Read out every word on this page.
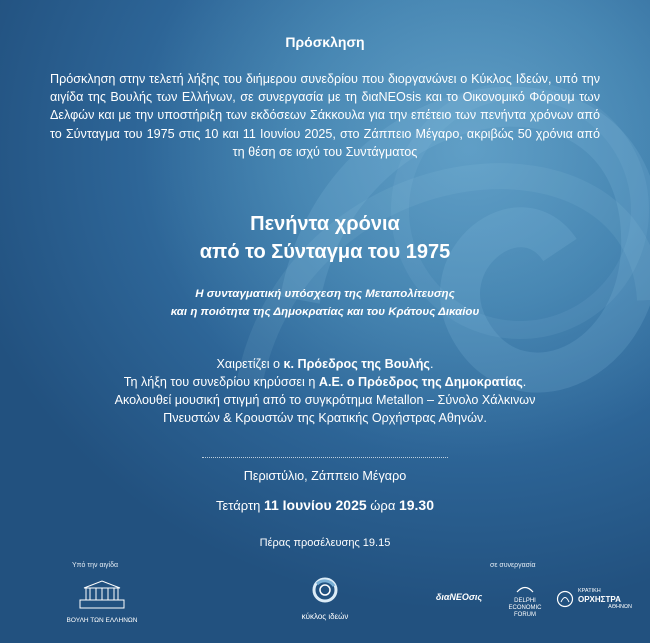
Πρόσκληση
Πρόσκληση στην τελετή λήξης του διήμερου συνεδρίου που διοργανώνει ο Κύκλος Ιδεών, υπό την αιγίδα της Βουλής των Ελλήνων, σε συνεργασία με τη διαNEOsis και το Οικονομικό Φόρουμ των Δελφών και με την υποστήριξη των εκδόσεων Σάκκουλα για την επέτειο των πενήντα χρόνων από το Σύνταγμα του 1975 στις 10 και 11 Ιουνίου 2025, στο Ζάππειο Μέγαρο, ακριβώς 50 χρόνια από τη θέση σε ισχύ του Συντάγματος
Πενήντα χρόνια
από το Σύνταγμα του 1975
Η συνταγματική υπόσχεση της Μεταπολίτευσης
και η ποιότητα της Δημοκρατίας και του Κράτους Δικαίου
Χαιρετίζει ο κ. Πρόεδρος της Βουλής.
Τη λήξη του συνεδρίου κηρύσσει η Α.Ε. ο Πρόεδρος της Δημοκρατίας.
Ακολουθεί μουσική στιγμή από το συγκρότημα Metallon – Σύνολο Χάλκινων
Πνευστών & Κρουστών της Κρατικής Ορχήστρας Αθηνών.
Περιστύλιο, Ζάππειο Μέγαρο
Τετάρτη 11 Ιουνίου 2025 ώρα 19.30
Πέρας προσέλευσης 19.15
Υπό την αιγίδα
ΒΟΥΛΗ ΤΩΝ ΕΛΛΗΝΩΝ	κύκλος ιδεών
σε συνεργασία
διαNEOσις	DELPHI
ECONOMIC
FORUM
ΚΡΑΤΙΚΗ
ΟΡΧΗΣΤΡΑ
ΑΘΗΝΩΝ
